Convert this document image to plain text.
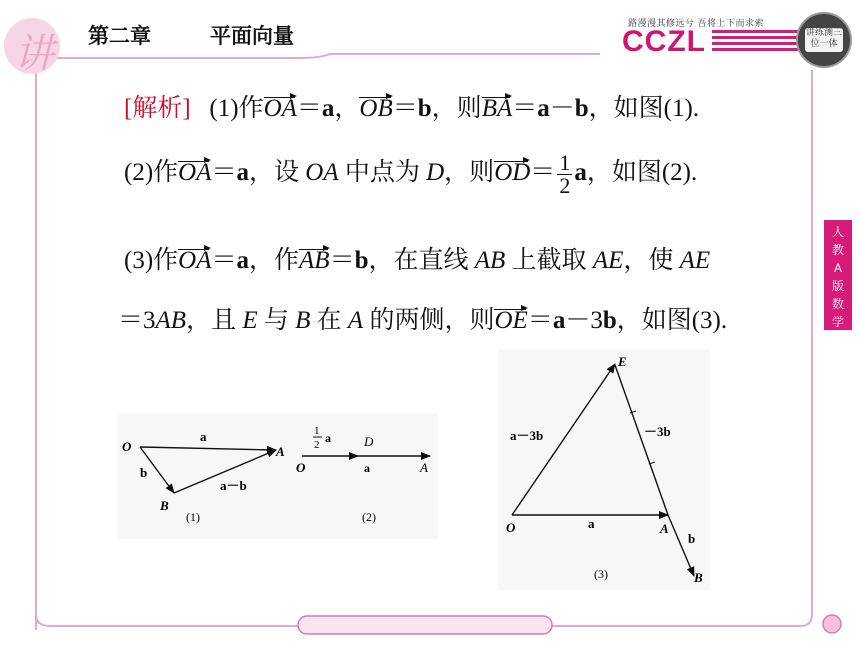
讲 第二章	平面向量
路漫漫其修远兮 吾将上下而求索
CCZL	讲练测三位一体
人
教
A
版
数
学
[解析] (1)作OA＝a，OB＝b，则BA＝a－b，如图(1).
(2)作OA＝a，设 OA 中点为 D，则$OD= \frac{1}{2}$ a，如图(2).
(3)作OA＝a，作AB＝b，在直线 AB 上截取 AE，使 AE
＝3AB，且 E 与 B 在 A 的两侧，则OE＝a－3b，如图(3).
O	A
B
a
b
a－b
(1)
1
2 a	D
O	a	A
(2)
E
O	A
B
a－3b	－3b
a
b
(3)
